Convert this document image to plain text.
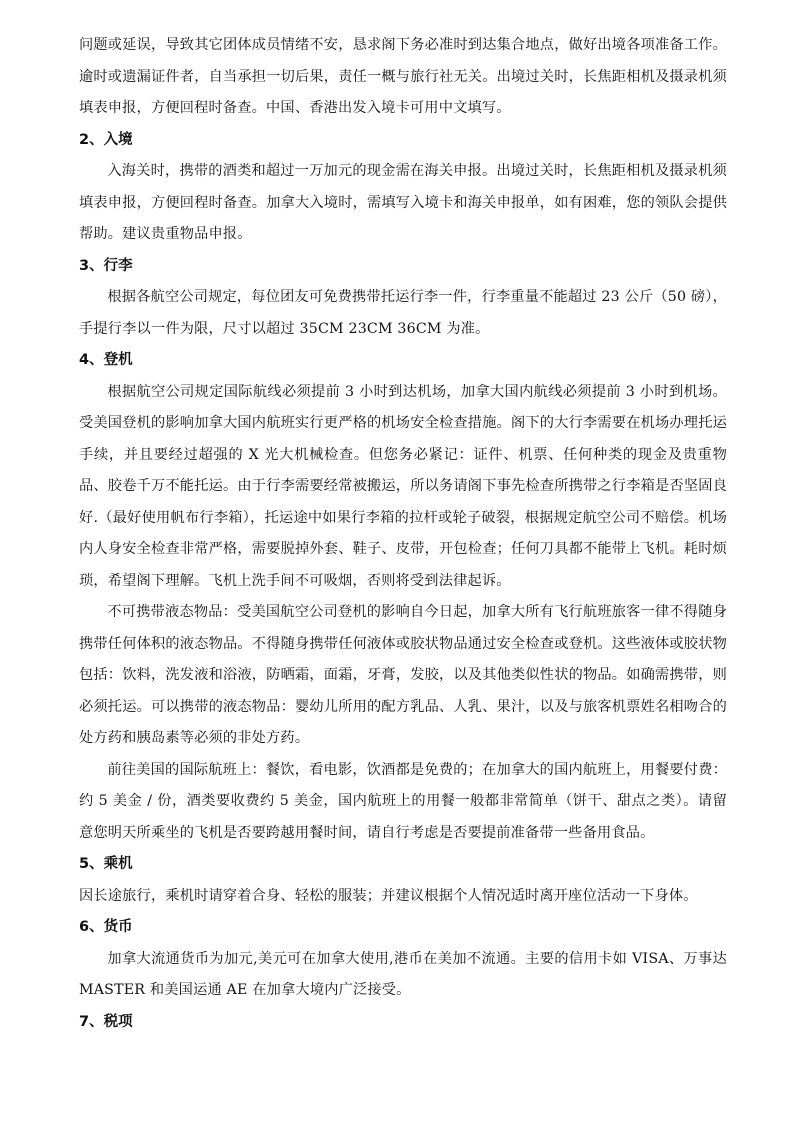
问题或延误，导致其它团体成员情绪不安，恳求阁下务必准时到达集合地点，做好出境各项准备工作。逾时或遗漏证件者，自当承担一切后果，责任一概与旅行社无关。出境过关时，长焦距相机及摄录机须填表申报，方便回程时备查。中国、香港出发入境卡可用中文填写。

2、入境

入海关时，携带的酒类和超过一万加元的现金需在海关申报。出境过关时，长焦距相机及摄录机须填表申报，方便回程时备查。加拿大入境时，需填写入境卡和海关申报单，如有困难，您的领队会提供帮助。建议贵重物品申报。

3、行李

根据各航空公司规定，每位团友可免费携带托运行李一件，行李重量不能超过 23 公斤（50 磅），手提行李以一件为限，尺寸以超过 35CM 23CM 36CM 为准。

4、登机

根据航空公司规定国际航线必须提前 3 小时到达机场，加拿大国内航线必须提前 3 小时到机场。受美国登机的影响加拿大国内航班实行更严格的机场安全检查措施。阁下的大行李需要在机场办理托运手续，并且要经过超强的 X 光大机械检查。但您务必紧记：证件、机票、任何种类的现金及贵重物品、胶卷千万不能托运。由于行李需要经常被搬运，所以务请阁下事先检查所携带之行李箱是否坚固良好.（最好使用帆布行李箱），托运途中如果行李箱的拉杆或轮子破裂，根据规定航空公司不赔偿。机场内人身安全检查非常严格，需要脱掉外套、鞋子、皮带，开包检查；任何刀具都不能带上飞机。耗时烦琐，希望阁下理解。飞机上洗手间不可吸烟，否则将受到法律起诉。

不可携带液态物品：受美国航空公司登机的影响自今日起，加拿大所有飞行航班旅客一律不得随身携带任何体积的液态物品。不得随身携带任何液体或胶状物品通过安全检查或登机。这些液体或胶状物包括：饮料，洗发液和浴液，防晒霜，面霜，牙膏，发胶，以及其他类似性状的物品。如确需携带，则必须托运。可以携带的液态物品：婴幼儿所用的配方乳品、人乳、果汁，以及与旅客机票姓名相吻合的处方药和胰岛素等必须的非处方药。

前往美国的国际航班上：餐饮，看电影，饮酒都是免费的；在加拿大的国内航班上，用餐要付费：约 5 美金 / 份，酒类要收费约 5 美金，国内航班上的用餐一般都非常简单（饼干、甜点之类）。请留意您明天所乘坐的飞机是否要跨越用餐时间，请自行考虑是否要提前准备带一些备用食品。

5、乘机

因长途旅行，乘机时请穿着合身、轻松的服装；并建议根据个人情况适时离开座位活动一下身体。

6、货币

加拿大流通货币为加元,美元可在加拿大使用,港币在美加不流通。主要的信用卡如 VISA、万事达 MASTER 和美国运通 AE 在加拿大境内广泛接受。

7、税项
